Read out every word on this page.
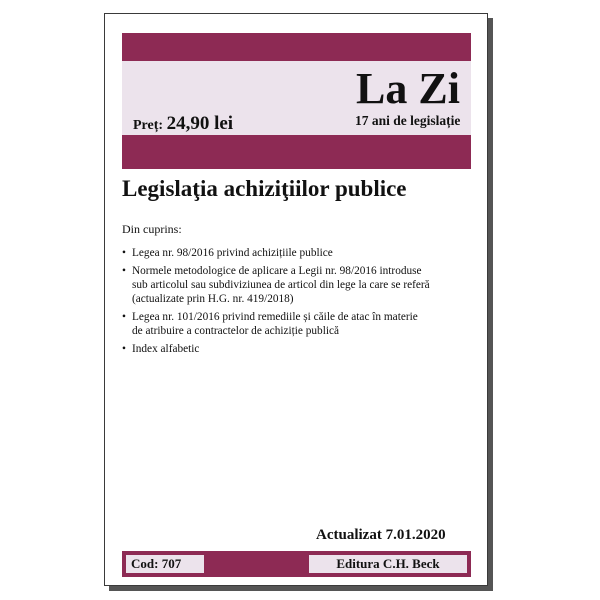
Preț: 24,90 lei
La Zi
17 ani de legislație
Legislaţia achiziţiilor publice
Din cuprins:
• Legea nr. 98/2016 privind achizițiile publice
• Normele metodologice de aplicare a Legii nr. 98/2016 introduse
sub articolul sau subdiviziunea de articol din lege la care se referă
(actualizate prin H.G. nr. 419/2018)
• Legea nr. 101/2016 privind remediile și căile de atac în materie
de atribuire a contractelor de achiziție publică
• Index alfabetic
Actualizat 7.01.2020
Cod: 707	Editura C.H. Beck
